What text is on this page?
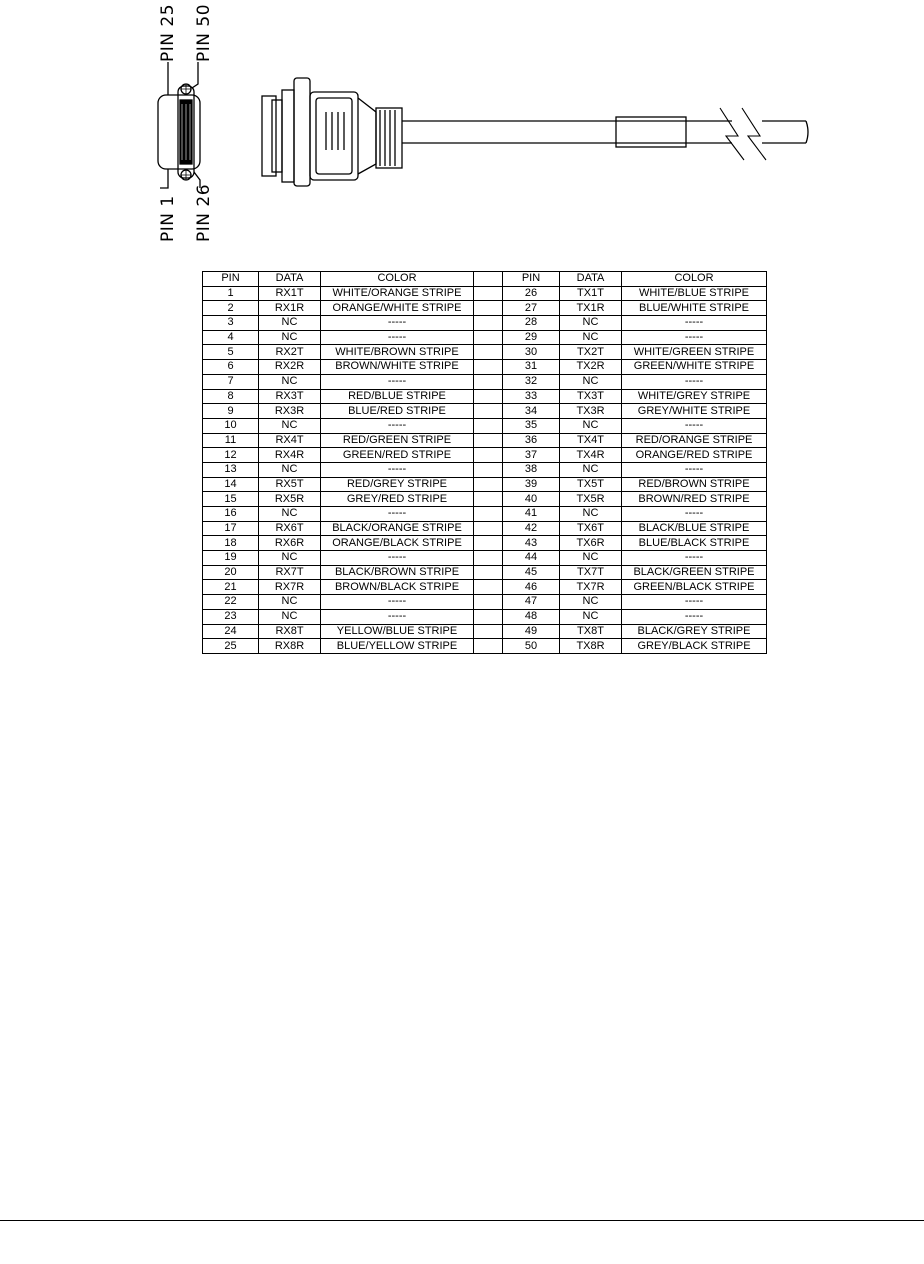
PIN 25 PIN 50
PIN 1 PIN 26
PIN	DATA	COLOR		PIN	DATA	COLOR
1	RX1T	WHITE/ORANGE STRIPE		26	TX1T	WHITE/BLUE STRIPE
2	RX1R	ORANGE/WHITE STRIPE		27	TX1R	BLUE/WHITE STRIPE
3	NC	-----		28	NC	-----
4	NC	-----		29	NC	-----
5	RX2T	WHITE/BROWN STRIPE		30	TX2T	WHITE/GREEN STRIPE
6	RX2R	BROWN/WHITE STRIPE		31	TX2R	GREEN/WHITE STRIPE
7	NC	-----		32	NC	-----
8	RX3T	RED/BLUE STRIPE		33	TX3T	WHITE/GREY STRIPE
9	RX3R	BLUE/RED STRIPE		34	TX3R	GREY/WHITE STRIPE
10	NC	-----		35	NC	-----
11	RX4T	RED/GREEN STRIPE		36	TX4T	RED/ORANGE STRIPE
12	RX4R	GREEN/RED STRIPE		37	TX4R	ORANGE/RED STRIPE
13	NC	-----		38	NC	-----
14	RX5T	RED/GREY STRIPE		39	TX5T	RED/BROWN STRIPE
15	RX5R	GREY/RED STRIPE		40	TX5R	BROWN/RED STRIPE
16	NC	-----		41	NC	-----
17	RX6T	BLACK/ORANGE STRIPE		42	TX6T	BLACK/BLUE STRIPE
18	RX6R	ORANGE/BLACK STRIPE		43	TX6R	BLUE/BLACK STRIPE
19	NC	-----		44	NC	-----
20	RX7T	BLACK/BROWN STRIPE		45	TX7T	BLACK/GREEN STRIPE
21	RX7R	BROWN/BLACK STRIPE		46	TX7R	GREEN/BLACK STRIPE
22	NC	-----		47	NC	-----
23	NC	-----		48	NC	-----
24	RX8T	YELLOW/BLUE STRIPE		49	TX8T	BLACK/GREY STRIPE
25	RX8R	BLUE/YELLOW STRIPE		50	TX8R	GREY/BLACK STRIPE
